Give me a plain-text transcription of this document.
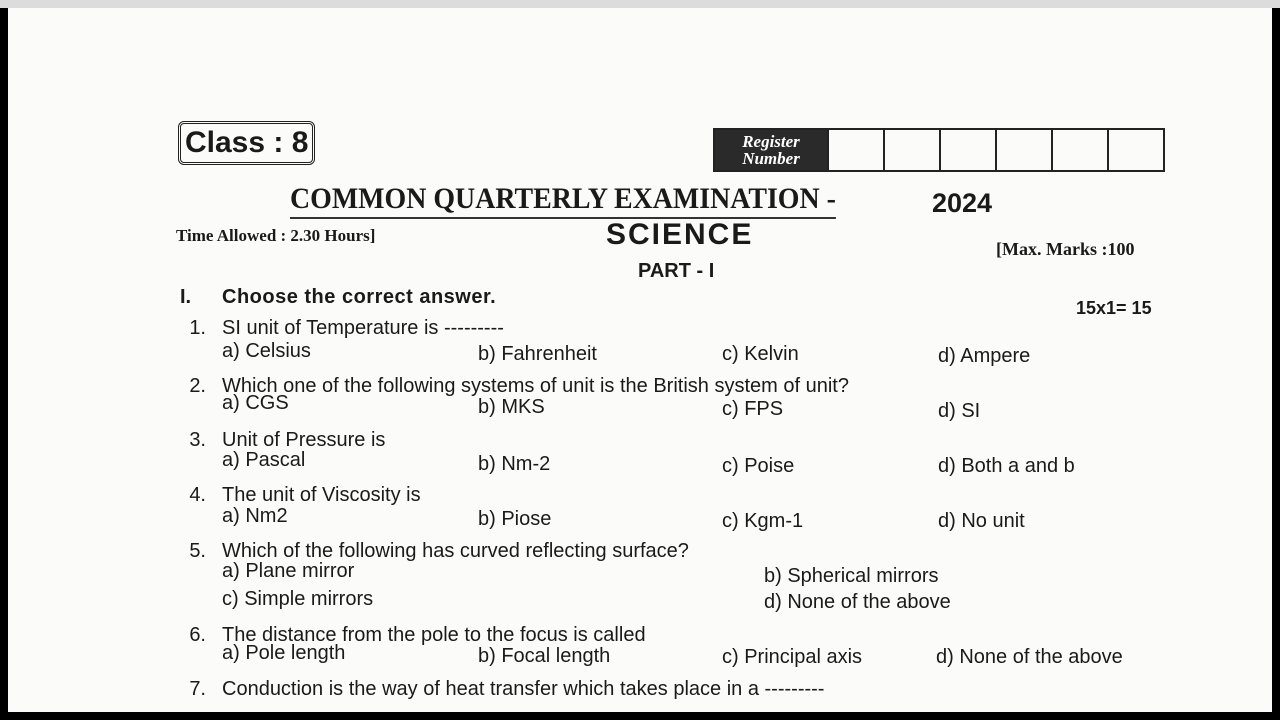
Class : 8	Register
Number
COMMON QUARTERLY EXAMINATION -	2024
Time Allowed : 2.30 Hours]	SCIENCE	[Max. Marks :100
PART - I
I. Choose the correct answer.	15x1= 15
1. SI unit of Temperature is ---------
a) Celsius	b) Fahrenheit	c) Kelvin	d) Ampere
2. Which one of the following systems of unit is the British system of unit?
a) CGS	b) MKS	c) FPS	d) SI
3. Unit of Pressure is
a) Pascal	b) Nm-2	c) Poise	d) Both a and b
4. The unit of Viscosity is
a) Nm2	b) Piose	c) Kgm-1	d) No unit
5. Which of the following has curved reflecting surface?
a) Plane mirror	b) Spherical mirrors
c) Simple mirrors	d) None of the above
6. The distance from the pole to the focus is called
a) Pole length	b) Focal length	c) Principal axis	d) None of the above
7. Conduction is the way of heat transfer which takes place in a ---------
